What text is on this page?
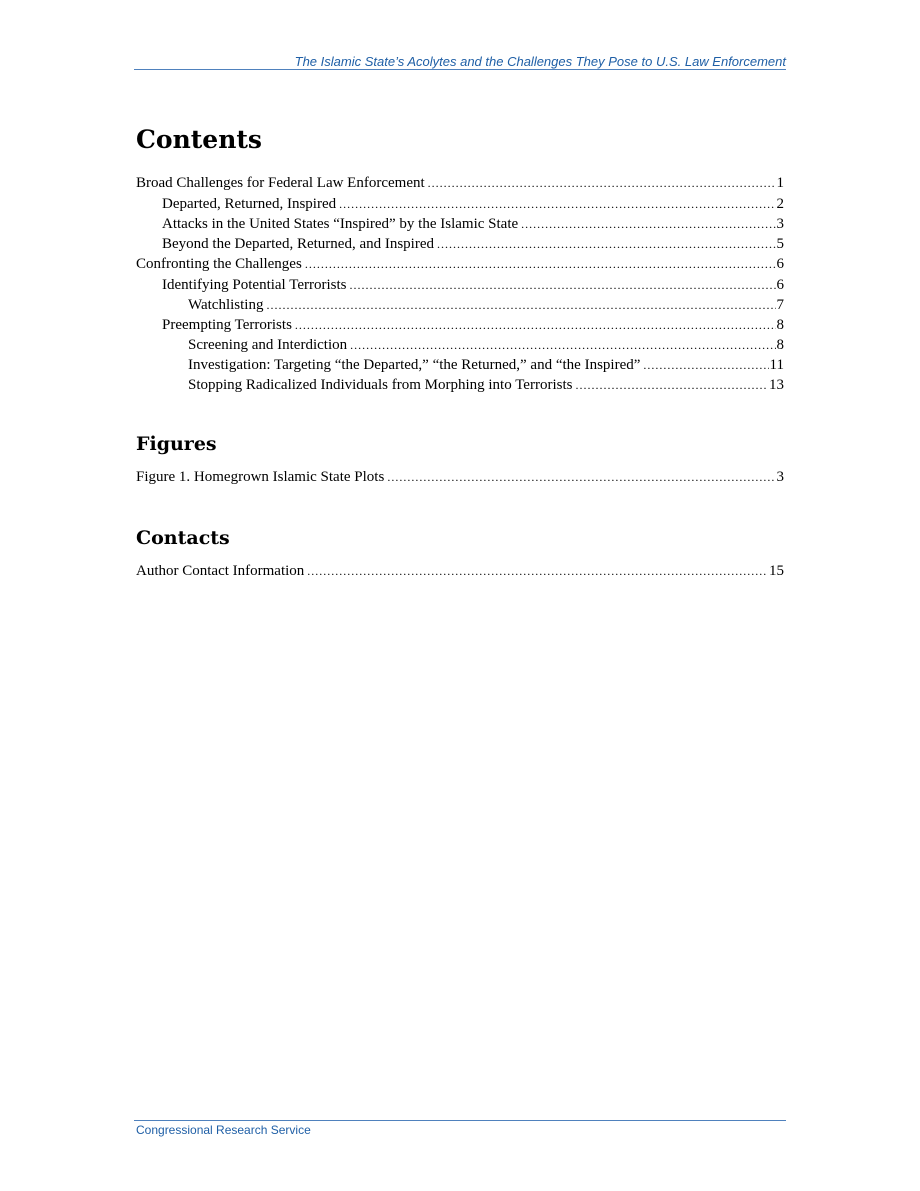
The Islamic State’s Acolytes and the Challenges They Pose to U.S. Law Enforcement
Contents
Broad Challenges for Federal Law Enforcement .....	1
Departed, Returned, Inspired .....	2
Attacks in the United States “Inspired” by the Islamic State .....	3
Beyond the Departed, Returned, and Inspired .....	5
Confronting the Challenges .....	6
Identifying Potential Terrorists .....	6
Watchlisting .....	7
Preempting Terrorists .....	8
Screening and Interdiction .....	8
Investigation: Targeting “the Departed,” “the Returned,” and “the Inspired” .....	11
Stopping Radicalized Individuals from Morphing into Terrorists .....	13
Figures
Figure 1. Homegrown Islamic State Plots .....	3
Contacts
Author Contact Information .....	15
Congressional Research Service
